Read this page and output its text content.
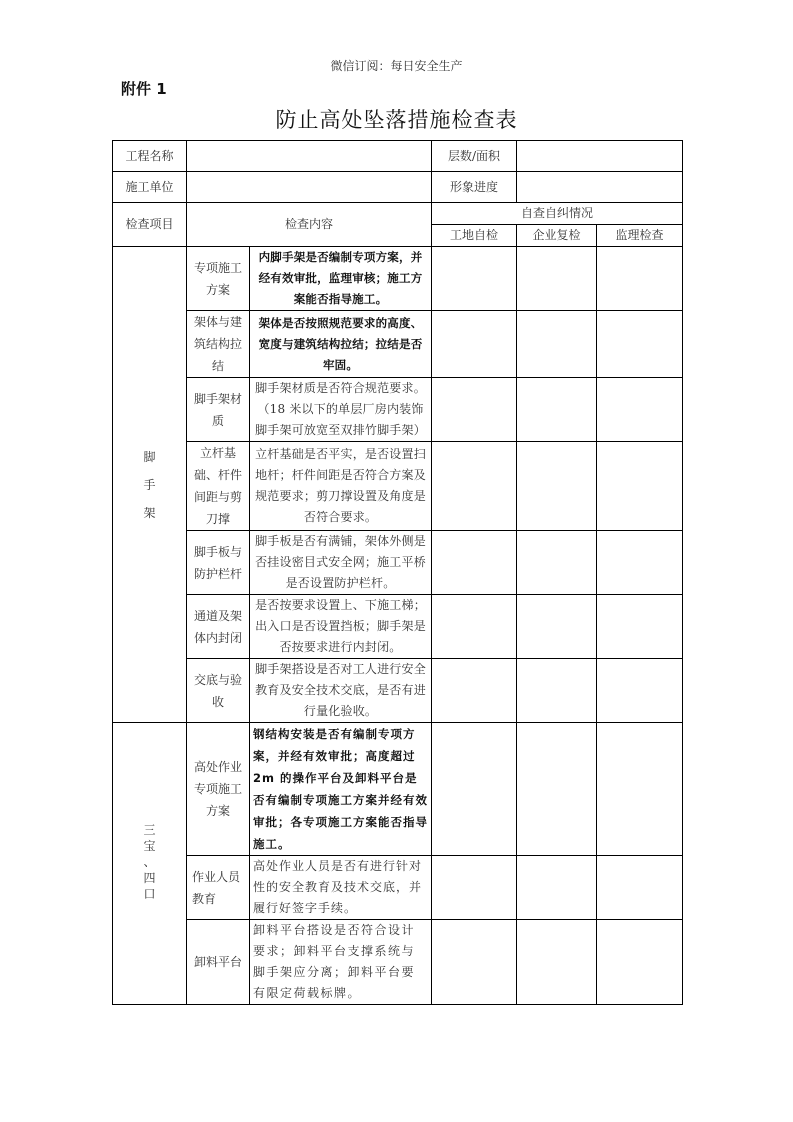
微信订阅：每日安全生产
附件 1
防止高处坠落措施检查表
工程名称			层数/面积		
施工单位			形象进度		
检查项目	检查内容		自查自纠情况		
			工地自检	企业复检	监理检查
脚
手
架	专项施工方案	内脚手架是否编制专项方案，并经有效审批，监理审核；施工方案能否指导施工。			
	架体与建筑结构拉结	架体是否按照规范要求的高度、宽度与建筑结构拉结；拉结是否牢固。			
	脚手架材质	脚手架材质是否符合规范要求。（18 米以下的单层厂房内装饰脚手架可放宽至双排竹脚手架）			
	立杆基础、杆件间距与剪刀撑	立杆基础是否平实，是否设置扫地杆；杆件间距是否符合方案及规范要求；剪刀撑设置及角度是否符合要求。			
	脚手板与防护栏杆	脚手板是否有满铺，架体外侧是否挂设密目式安全网；施工平桥是否设置防护栏杆。			
	通道及架体内封闭	是否按要求设置上、下施工梯；出入口是否设置挡板；脚手架是否按要求进行内封闭。			
	交底与验收	脚手架搭设是否对工人进行安全教育及安全技术交底，是否有进行量化验收。			
三
宝
、
四
口	高处作业专项施工方案	钢结构安装是否有编制专项方案，并经有效审批；高度超过 2m 的操作平台及卸料平台是否有编制专项施工方案并经有效审批；各专项施工方案能否指导施工。			
	作业人员教育	高处作业人员是否有进行针对性的安全教育及技术交底，并履行好签字手续。			
	卸料平台	卸料平台搭设是否符合设计要求；卸料平台支撑系统与脚手架应分离；卸料平台要有限定荷载标牌。			
